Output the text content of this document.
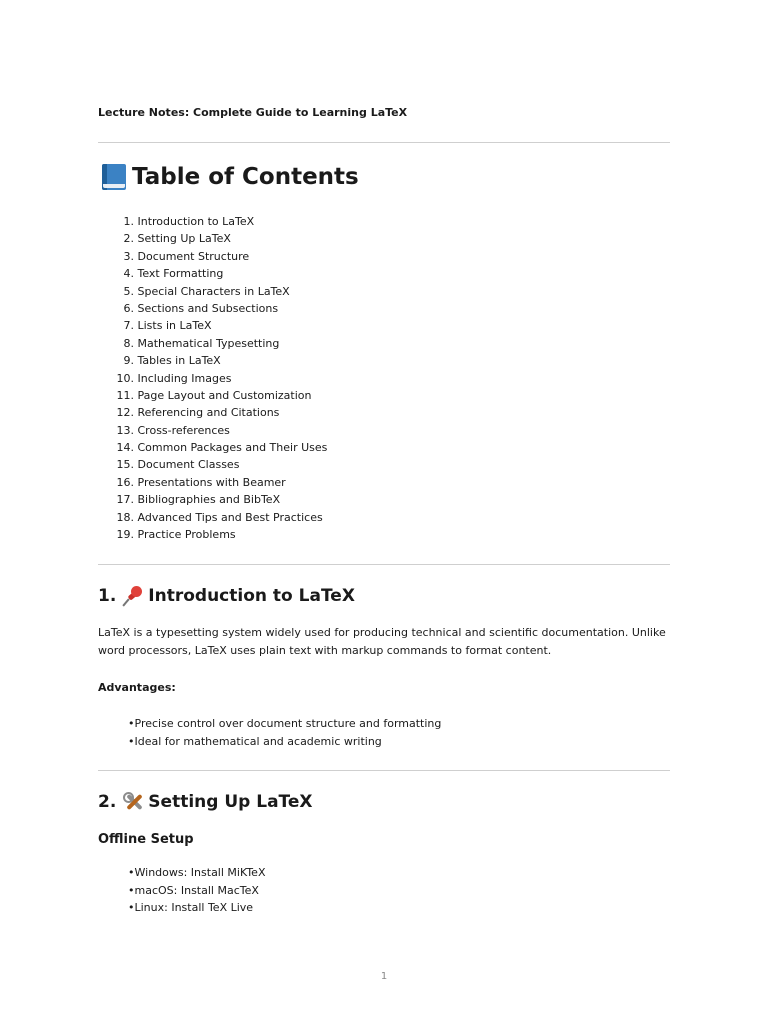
Lecture Notes: Complete Guide to Learning LaTeX
Table of Contents
1. Introduction to LaTeX
2. Setting Up LaTeX
3. Document Structure
4. Text Formatting
5. Special Characters in LaTeX
6. Sections and Subsections
7. Lists in LaTeX
8. Mathematical Typesetting
9. Tables in LaTeX
10. Including Images
11. Page Layout and Customization
12. Referencing and Citations
13. Cross-references
14. Common Packages and Their Uses
15. Document Classes
16. Presentations with Beamer
17. Bibliographies and BibTeX
18. Advanced Tips and Best Practices
19. Practice Problems
1. Introduction to LaTeX
LaTeX is a typesetting system widely used for producing technical and scientific documentation. Unlike word processors, LaTeX uses plain text with markup commands to format content.
Advantages:
• Precise control over document structure and formatting
• Ideal for mathematical and academic writing
2. Setting Up LaTeX
Offline Setup
• Windows: Install MiKTeX
• macOS: Install MacTeX
• Linux: Install TeX Live
1
